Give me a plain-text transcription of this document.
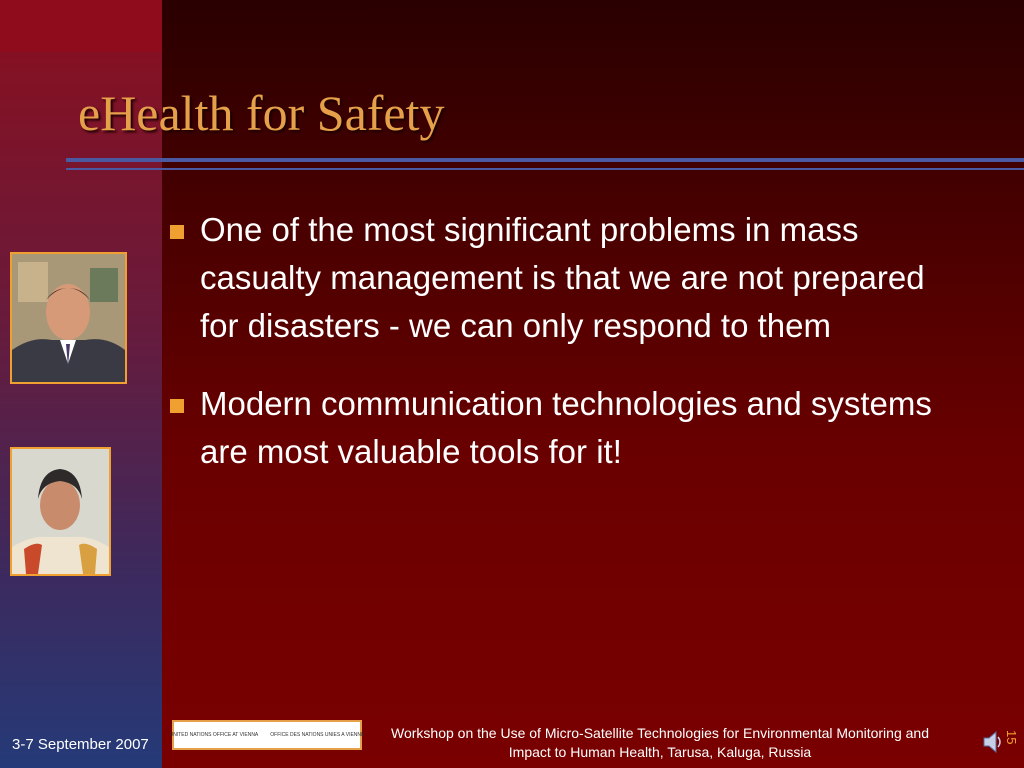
eHealth for Safety
One of the most significant problems in mass casualty management is that we are not prepared for disasters - we can only respond to them
Modern communication technologies and systems are most valuable tools for it!
3-7 September 2007
UNITED NATIONS OFFICE AT VIENNA OFFICE DES NATIONS UNIES A VIENNE	Workshop on the Use of Micro-Satellite Technologies for Environmental Monitoring and Impact to Human Health, Tarusa, Kaluga, Russia
15
